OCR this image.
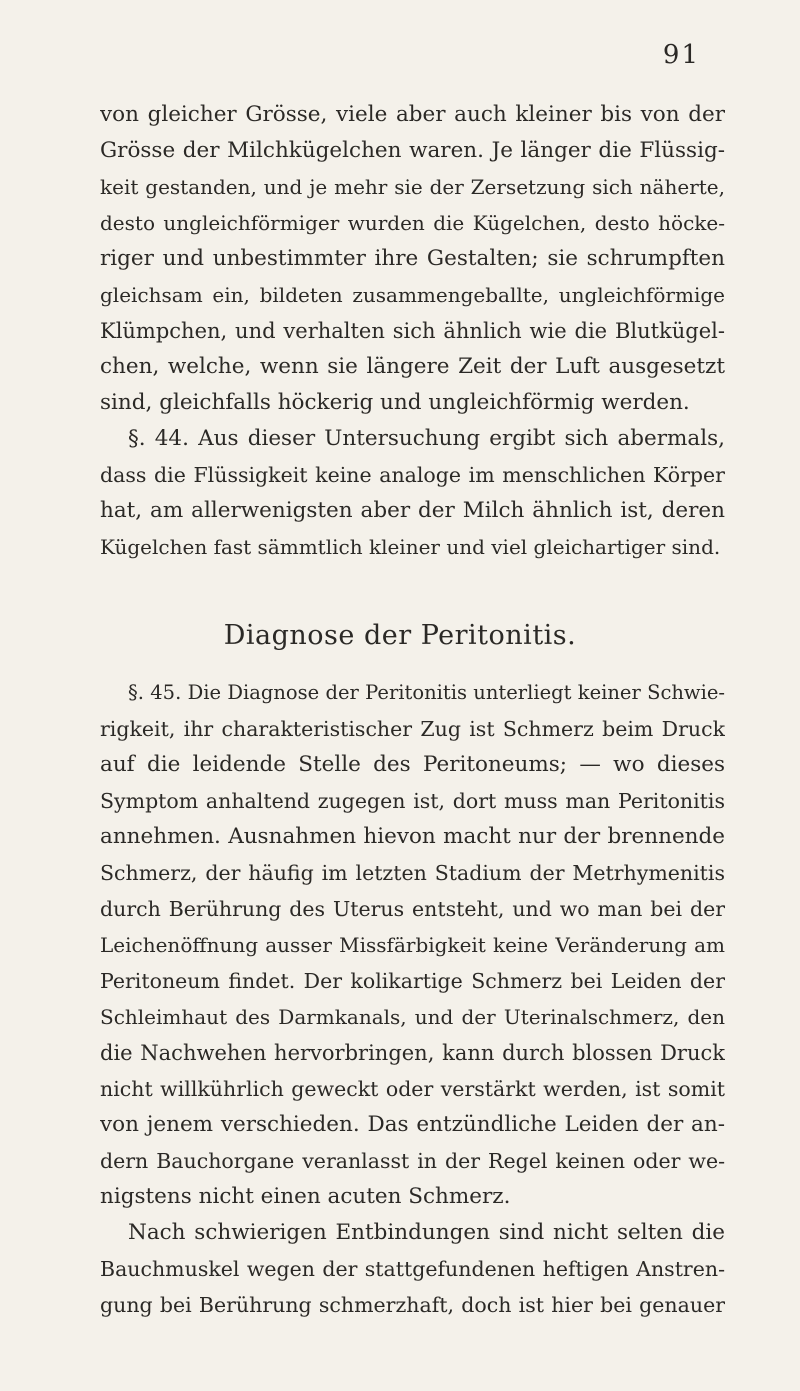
91
von gleicher Grösse, viele aber auch kleiner bis von der
Grösse der Milchkügelchen waren. Je länger die Flüssig-
keit gestanden, und je mehr sie der Zersetzung sich näherte,
desto ungleichförmiger wurden die Kügelchen, desto höcke-
riger und unbestimmter ihre Gestalten; sie schrumpften
gleichsam ein, bildeten zusammengeballte, ungleichförmige
Klümpchen, und verhalten sich ähnlich wie die Blutkügel-
chen, welche, wenn sie längere Zeit der Luft ausgesetzt
sind, gleichfalls höckerig und ungleichförmig werden.
§. 44. Aus dieser Untersuchung ergibt sich abermals,
dass die Flüssigkeit keine analoge im menschlichen Körper
hat, am allerwenigsten aber der Milch ähnlich ist, deren
Kügelchen fast sämmtlich kleiner und viel gleichartiger sind.
Diagnose der Peritonitis.
§. 45. Die Diagnose der Peritonitis unterliegt keiner Schwie-
rigkeit, ihr charakteristischer Zug ist Schmerz beim Druck
auf die leidende Stelle des Peritoneums; — wo dieses
Symptom anhaltend zugegen ist, dort muss man Peritonitis
annehmen. Ausnahmen hievon macht nur der brennende
Schmerz, der häufig im letzten Stadium der Metrhymenitis
durch Berührung des Uterus entsteht, und wo man bei der
Leichenöffnung ausser Missfärbigkeit keine Veränderung am
Peritoneum findet. Der kolikartige Schmerz bei Leiden der
Schleimhaut des Darmkanals, und der Uterinalschmerz, den
die Nachwehen hervorbringen, kann durch blossen Druck
nicht willkührlich geweckt oder verstärkt werden, ist somit
von jenem verschieden. Das entzündliche Leiden der an-
dern Bauchorgane veranlasst in der Regel keinen oder we-
nigstens nicht einen acuten Schmerz.
Nach schwierigen Entbindungen sind nicht selten die
Bauchmuskel wegen der stattgefundenen heftigen Anstren-
gung bei Berührung schmerzhaft, doch ist hier bei genauer
